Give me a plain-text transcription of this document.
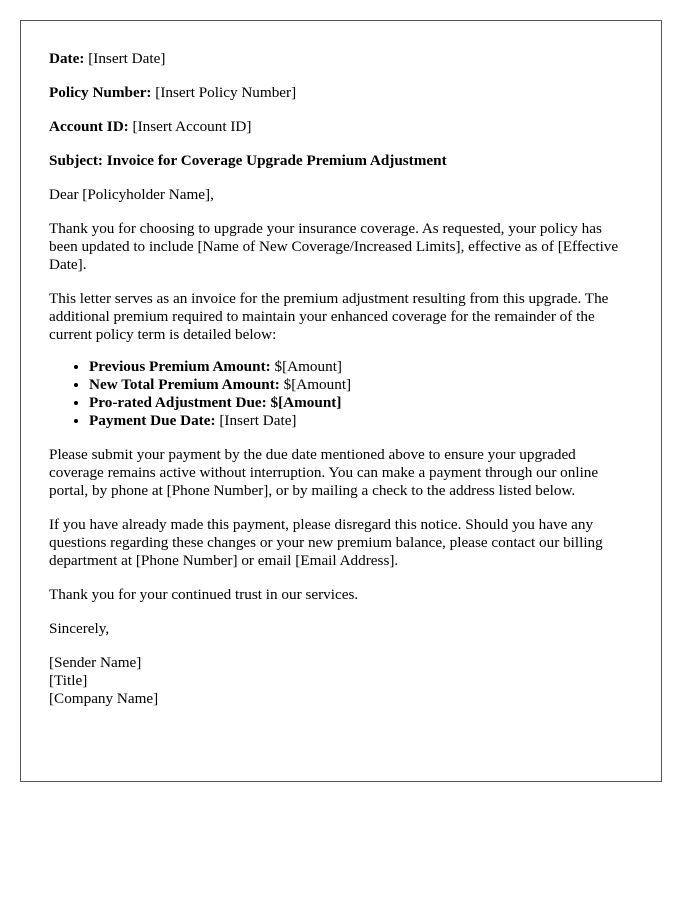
Date: [Insert Date]

Policy Number: [Insert Policy Number]

Account ID: [Insert Account ID]

Subject: Invoice for Coverage Upgrade Premium Adjustment

Dear [Policyholder Name],

Thank you for choosing to upgrade your insurance coverage. As requested, your policy has been updated to include [Name of New Coverage/Increased Limits], effective as of [Effective Date].

This letter serves as an invoice for the premium adjustment resulting from this upgrade. The additional premium required to maintain your enhanced coverage for the remainder of the current policy term is detailed below:

• Previous Premium Amount: $[Amount]
• New Total Premium Amount: $[Amount]
• Pro-rated Adjustment Due: $[Amount]
• Payment Due Date: [Insert Date]

Please submit your payment by the due date mentioned above to ensure your upgraded coverage remains active without interruption. You can make a payment through our online portal, by phone at [Phone Number], or by mailing a check to the address listed below.

If you have already made this payment, please disregard this notice. Should you have any questions regarding these changes or your new premium balance, please contact our billing department at [Phone Number] or email [Email Address].

Thank you for your continued trust in our services.

Sincerely,

[Sender Name]
[Title]
[Company Name]
